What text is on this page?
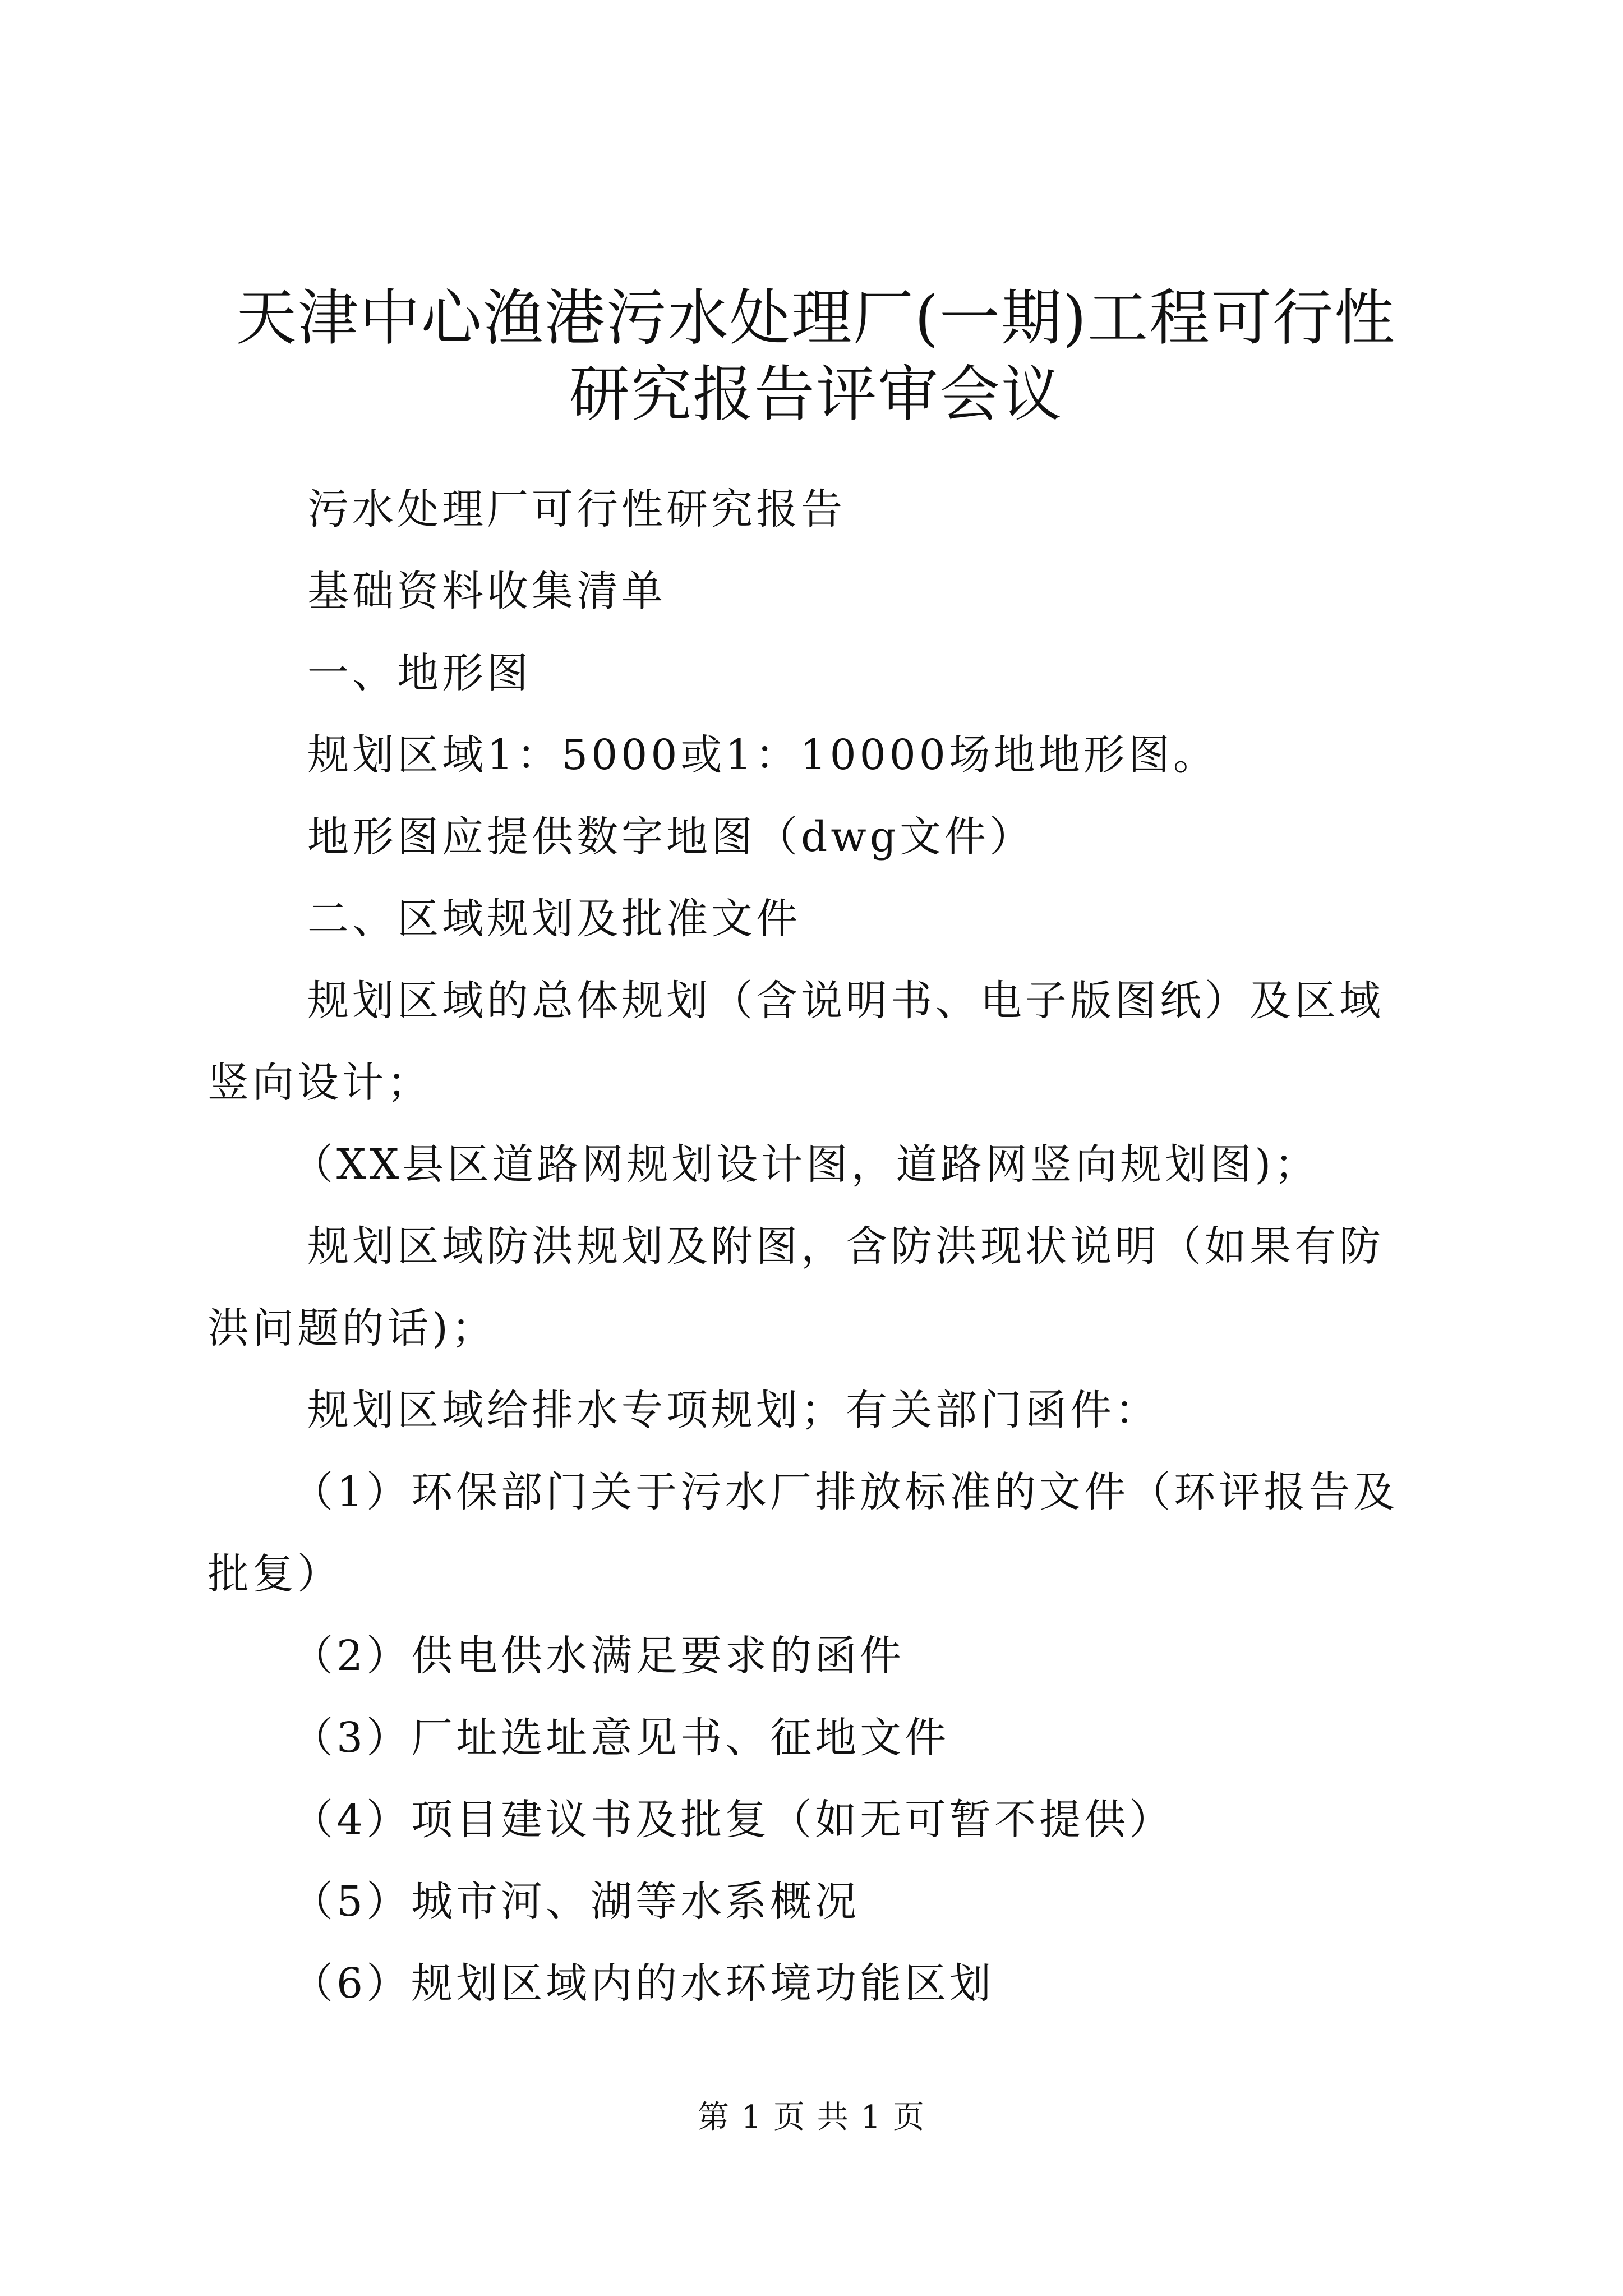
天津中心渔港污水处理厂(一期)工程可行性研究报告评审会议

污水处理厂可行性研究报告

基础资料收集清单

一、地形图

规划区域1：5000或1：10000场地地形图。

地形图应提供数字地图（dwg文件）

二、区域规划及批准文件

规划区域的总体规划（含说明书、电子版图纸）及区域竖向设计；

（XX县区道路网规划设计图，道路网竖向规划图)；

规划区域防洪规划及附图，含防洪现状说明（如果有防洪问题的话)；

规划区域给排水专项规划；有关部门函件：

（1）环保部门关于污水厂排放标准的文件（环评报告及批复）

（2）供电供水满足要求的函件

（3）厂址选址意见书、征地文件

（4）项目建议书及批复（如无可暂不提供）

（5）城市河、湖等水系概况

（6）规划区域内的水环境功能区划

第 1 页 共 1 页
